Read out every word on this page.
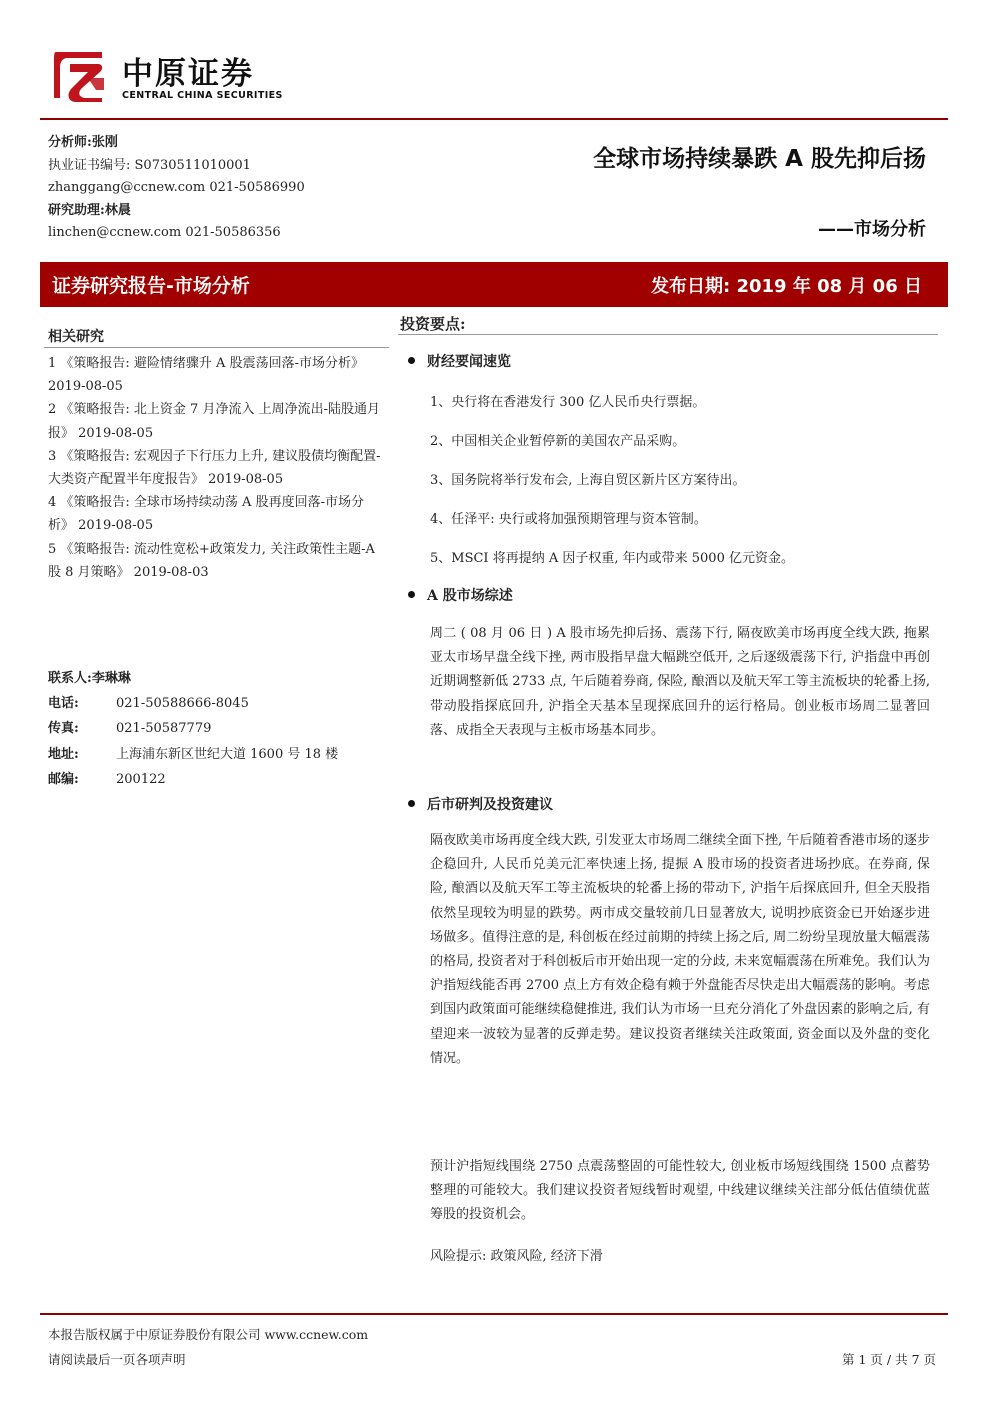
中原证券
CENTRAL CHINA SECURITIES
分析师:张刚
执业证书编号: S0730511010001
zhanggang@ccnew.com 021-50586990
研究助理:林晨
linchen@ccnew.com 021-50586356
全球市场持续暴跌 A 股先抑后扬
——市场分析
证券研究报告-市场分析	发布日期: 2019 年 08 月 06 日
相关研究
1 《策略报告: 避险情绪骤升 A 股震荡回落-市场分析》 2019-08-05
2 《策略报告: 北上资金 7 月净流入 上周净流出-陆股通月报》 2019-08-05
3 《策略报告: 宏观因子下行压力上升, 建议股债均衡配置-大类资产配置半年度报告》 2019-08-05
4 《策略报告: 全球市场持续动荡 A 股再度回落-市场分析》 2019-08-05
5 《策略报告: 流动性宽松+政策发力, 关注政策性主题-A 股 8 月策略》 2019-08-03
联系人: 李琳琳
电话:	021-50588666-8045
传真:	021-50587779
地址:	上海浦东新区世纪大道 1600 号 18 楼
邮编:	200122
投资要点:
财经要闻速览
1、央行将在香港发行 300 亿人民币央行票据。
2、中国相关企业暂停新的美国农产品采购。
3、国务院将举行发布会, 上海自贸区新片区方案待出。
4、任泽平: 央行或将加强预期管理与资本管制。
5、MSCI 将再提纳 A 因子权重, 年内或带来 5000 亿元资金。
A 股市场综述
周二 ( 08 月 06 日 ) A 股市场先抑后扬、震荡下行, 隔夜欧美市场再度全线大跌, 拖累亚太市场早盘全线下挫, 两市股指早盘大幅跳空低开, 之后逐级震荡下行, 沪指盘中再创近期调整新低 2733 点, 午后随着券商, 保险, 酿酒以及航天军工等主流板块的轮番上扬, 带动股指探底回升, 沪指全天基本呈现探底回升的运行格局。创业板市场周二显著回落、成指全天表现与主板市场基本同步。
后市研判及投资建议
隔夜欧美市场再度全线大跌, 引发亚太市场周二继续全面下挫, 午后随着香港市场的逐步企稳回升, 人民币兑美元汇率快速上扬, 提振 A 股市场的投资者进场抄底。在券商, 保险, 酿酒以及航天军工等主流板块的轮番上扬的带动下, 沪指午后探底回升, 但全天股指依然呈现较为明显的跌势。两市成交量较前几日显著放大, 说明抄底资金已开始逐步进场做多。值得注意的是, 科创板在经过前期的持续上扬之后, 周二纷纷呈现放量大幅震荡的格局, 投资者对于科创板后市开始出现一定的分歧, 未来宽幅震荡在所难免。我们认为沪指短线能否再 2700 点上方有效企稳有赖于外盘能否尽快走出大幅震荡的影响。考虑到国内政策面可能继续稳健推进, 我们认为市场一旦充分消化了外盘因素的影响之后, 有望迎来一波较为显著的反弹走势。建议投资者继续关注政策面, 资金面以及外盘的变化情况。
预计沪指短线围绕 2750 点震荡整固的可能性较大, 创业板市场短线围绕 1500 点蓄势整理的可能较大。我们建议投资者短线暂时观望, 中线建议继续关注部分低估值绩优蓝筹股的投资机会。
风险提示: 政策风险, 经济下滑
本报告版权属于中原证券股份有限公司 www.ccnew.com
请阅读最后一页各项声明	第 1 页 / 共 7 页
